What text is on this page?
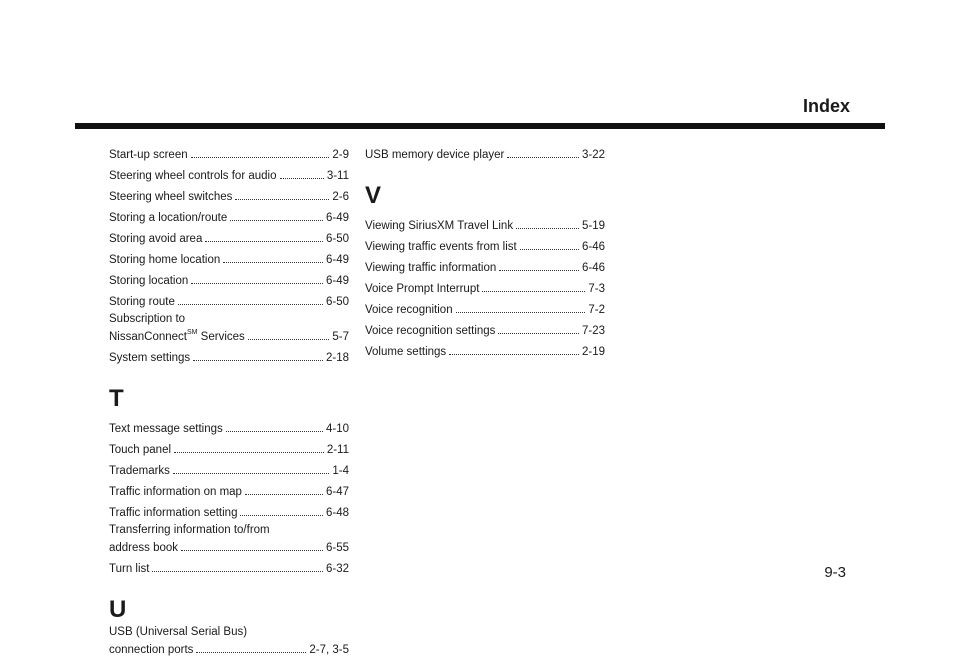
Index
Start-up screen	2-9
Steering wheel controls for audio	3-11
Steering wheel switches	2-6
Storing a location/route	6-49
Storing avoid area	6-50
Storing home location	6-49
Storing location	6-49
Storing route	6-50
Subscription to
NissanConnect℠ Services	5-7
System settings	2-18
T
Text message settings	4-10
Touch panel	2-11
Trademarks	1-4
Traffic information on map	6-47
Traffic information setting	6-48
Transferring information to/from
address book	6-55
Turn list	6-32
U
USB (Universal Serial Bus)
connection ports	2-7, 3-5
USB memory device player	3-22
V
Viewing SiriusXM Travel Link	5-19
Viewing traffic events from list	6-46
Viewing traffic information	6-46
Voice Prompt Interrupt	7-3
Voice recognition	7-2
Voice recognition settings	7-23
Volume settings	2-19
9-3
